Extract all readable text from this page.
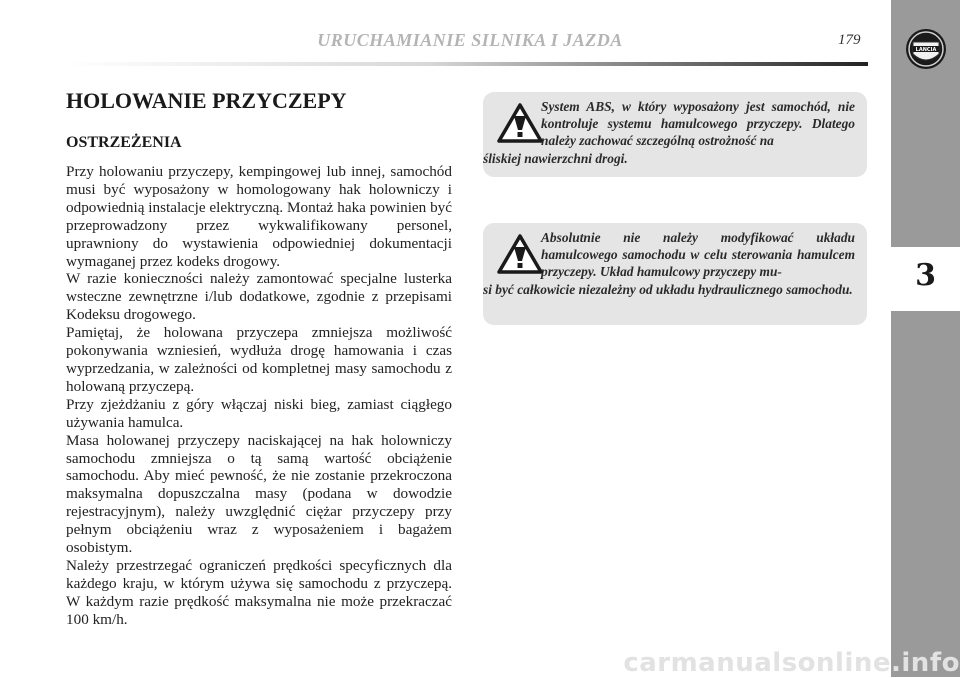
3
LANCIA
URUCHAMIANIE SILNIKA I JAZDA	179
HOLOWANIE PRZYCZEPY
OSTRZEŻENIA

Przy holowaniu przyczepy, kempingowej lub innej, samochód musi być wyposażony w homologowany hak holowniczy i odpowiednią instalacje elektryczną. Montaż haka powinien być przeprowadzony przez wykwalifikowany personel, uprawniony do wystawienia odpowiedniej dokumentacji wymaganej przez kodeks drogowy.
W razie konieczności należy zamontować specjalne lusterka wsteczne zewnętrzne i/lub dodatkowe, zgodnie z przepisami Kodeksu drogowego.
Pamiętaj, że holowana przyczepa zmniejsza możliwość pokonywania wzniesień, wydłuża drogę hamowania i czas wyprzedzania, w zależności od kompletnej masy samochodu z holowaną przyczepą.
Przy zjeżdżaniu z góry włączaj niski bieg, zamiast ciągłego używania hamulca.
Masa holowanej przyczepy naciskającej na hak holowniczy samochodu zmniejsza o tą samą wartość obciążenie samochodu. Aby mieć pewność, że nie zostanie przekroczona maksymalna dopuszczalna masy (podana w dowodzie rejestracyjnym), należy uwzględnić ciężar przyczepy przy pełnym obciążeniu wraz z wyposażeniem i bagażem osobistym.
Należy przestrzegać ograniczeń prędkości specyficznych dla każdego kraju, w którym używa się samochodu z przyczepą. W każdym razie prędkość maksymalna nie może przekraczać 100 km/h.

System ABS, w który wyposażony jest samochód, nie kontroluje systemu hamulcowego przyczepy. Dlatego należy zachować szczególną ostrożność na
śliskiej nawierzchni drogi.

Absolutnie nie należy modyfikować układu hamulcowego samochodu w celu sterowania hamulcem przyczepy. Układ hamulcowy przyczepy mu-
si być całkowicie niezależny od układu hydraulicznego samochodu.

carmanualsonline.info
